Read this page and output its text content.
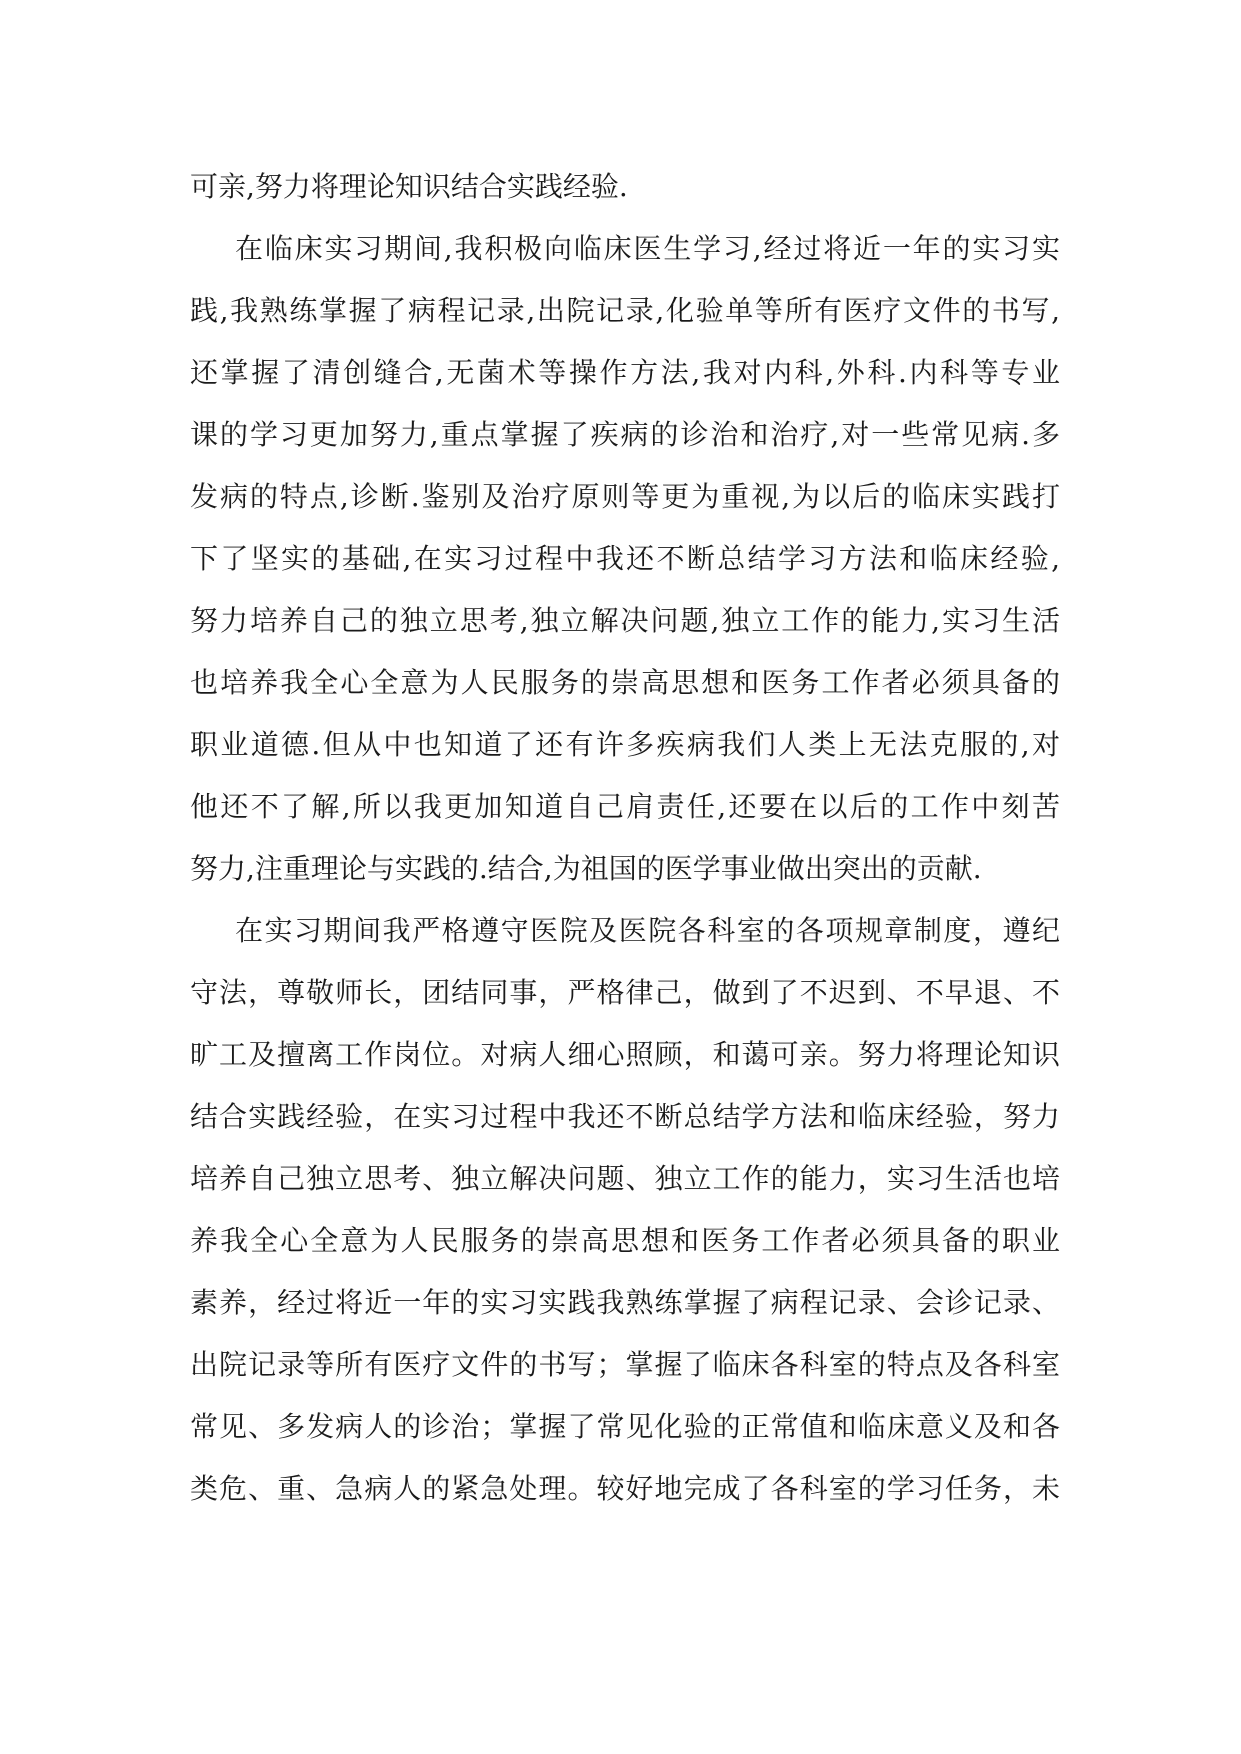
可亲,努力将理论知识结合实践经验.
在临床实习期间,我积极向临床医生学习,经过将近一年的实习实
践,我熟练掌握了病程记录,出院记录,化验单等所有医疗文件的书写,
还掌握了清创缝合,无菌术等操作方法,我对内科,外科.内科等专业
课的学习更加努力,重点掌握了疾病的诊治和治疗,对一些常见病.多
发病的特点,诊断.鉴别及治疗原则等更为重视,为以后的临床实践打
下了坚实的基础,在实习过程中我还不断总结学习方法和临床经验,
努力培养自己的独立思考,独立解决问题,独立工作的能力,实习生活
也培养我全心全意为人民服务的崇高思想和医务工作者必须具备的
职业道德.但从中也知道了还有许多疾病我们人类上无法克服的,对
他还不了解,所以我更加知道自己肩责任,还要在以后的工作中刻苦
努力,注重理论与实践的.结合,为祖国的医学事业做出突出的贡献.
在实习期间我严格遵守医院及医院各科室的各项规章制度，遵纪
守法，尊敬师长，团结同事，严格律己，做到了不迟到、不早退、不
旷工及擅离工作岗位。对病人细心照顾，和蔼可亲。努力将理论知识
结合实践经验，在实习过程中我还不断总结学方法和临床经验，努力
培养自己独立思考、独立解决问题、独立工作的能力，实习生活也培
养我全心全意为人民服务的崇高思想和医务工作者必须具备的职业
素养，经过将近一年的实习实践我熟练掌握了病程记录、会诊记录、
出院记录等所有医疗文件的书写；掌握了临床各科室的特点及各科室
常见、多发病人的诊治；掌握了常见化验的正常值和临床意义及和各
类危、重、急病人的紧急处理。较好地完成了各科室的学习任务，未
